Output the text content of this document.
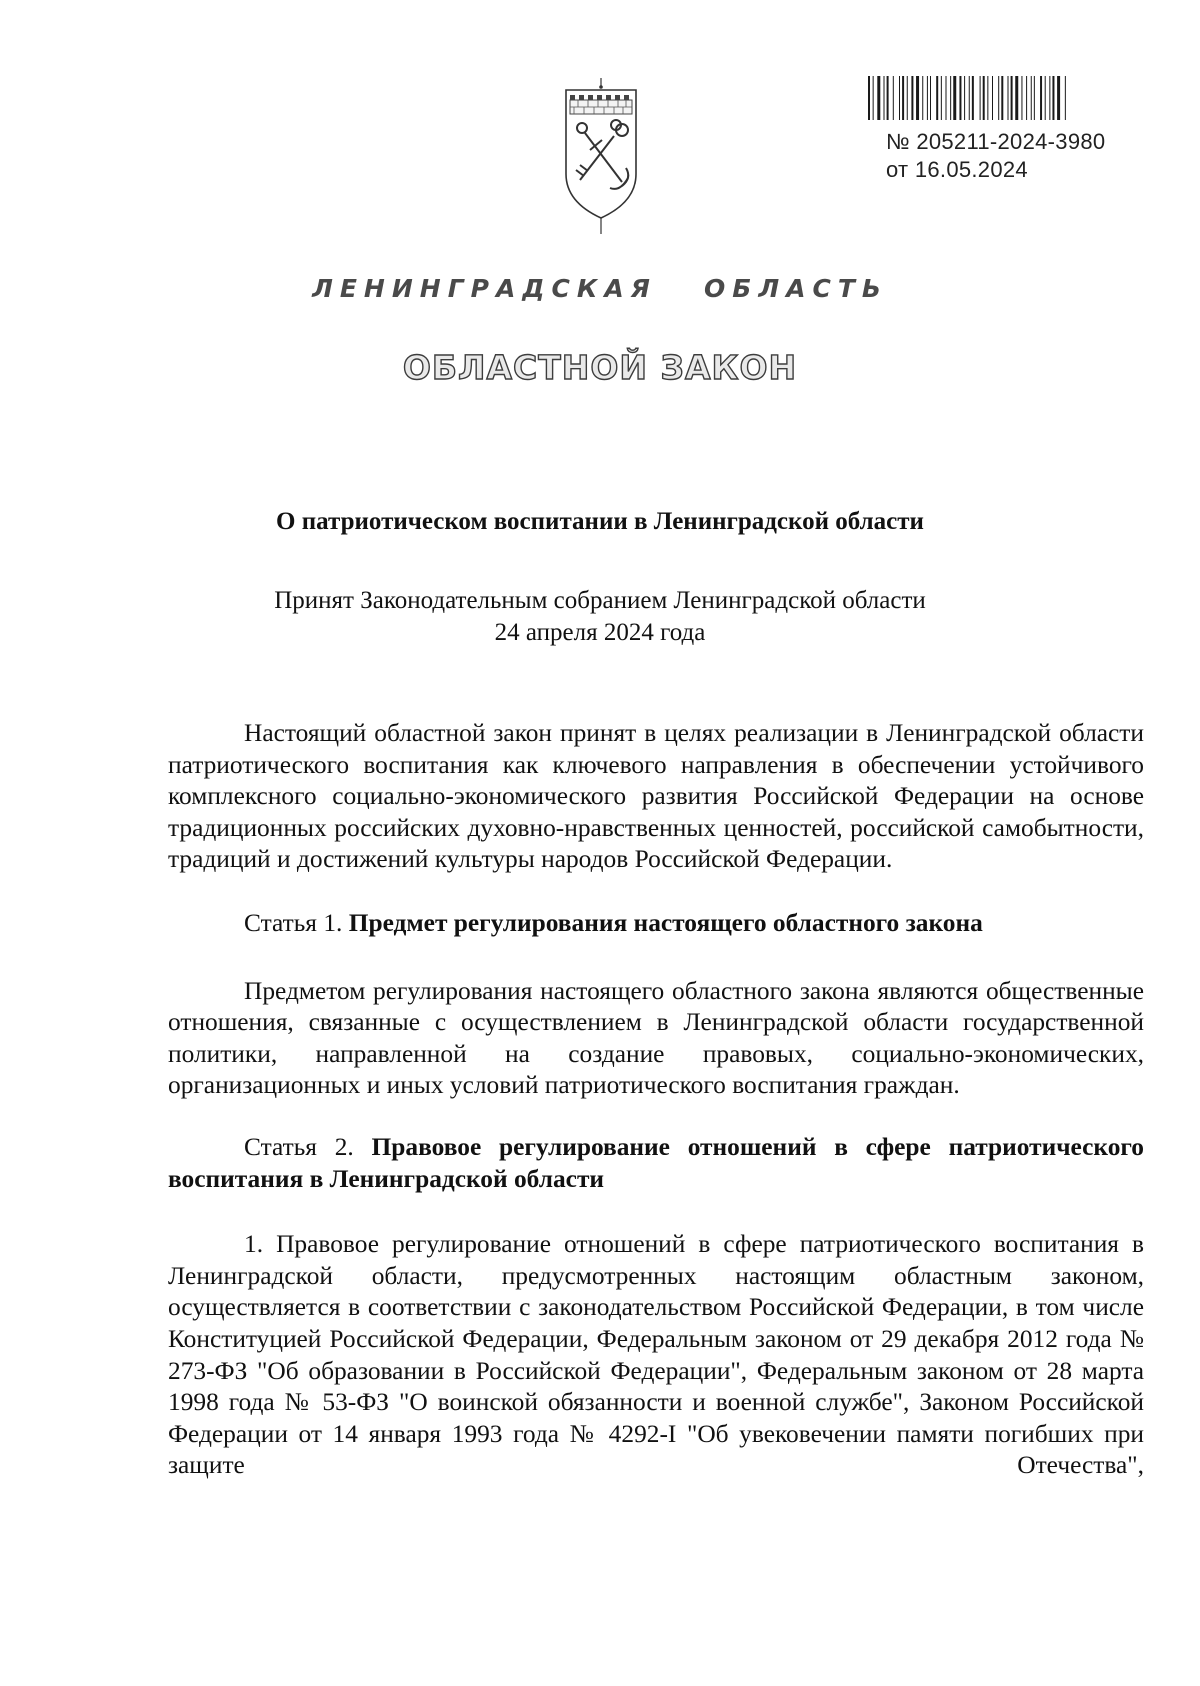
№ 205211-2024-3980
от 16.05.2024
ЛЕНИНГРАДСКАЯ   ОБЛАСТЬ
ОБЛАСТНОЙ ЗАКОН
О патриотическом воспитании в Ленинградской области
Принят Законодательным собранием Ленинградской области
24 апреля 2024 года

Настоящий областной закон принят в целях реализации в Ленинградской области патриотического воспитания как ключевого направления в обеспечении устойчивого комплексного социально-экономического развития Российской Федерации на основе традиционных российских духовно-нравственных ценностей, российской самобытности, традиций и достижений культуры народов Российской Федерации.

Статья 1. Предмет регулирования настоящего областного закона

Предметом регулирования настоящего областного закона являются общественные отношения, связанные с осуществлением в Ленинградской области государственной политики, направленной на создание правовых, социально-экономических, организационных и иных условий патриотического воспитания граждан.

Статья 2. Правовое регулирование отношений в сфере патриотического воспитания в Ленинградской области

1. Правовое регулирование отношений в сфере патриотического воспитания в Ленинградской области, предусмотренных настоящим областным законом, осуществляется в соответствии с законодательством Российской Федерации, в том числе Конституцией Российской Федерации, Федеральным законом от 29 декабря 2012 года № 273-ФЗ "Об образовании в Российской Федерации", Федеральным законом от 28 марта 1998 года № 53-ФЗ "О воинской обязанности и военной службе", Законом Российской Федерации от 14 января 1993 года № 4292-I "Об увековечении памяти погибших при защите Отечества",
